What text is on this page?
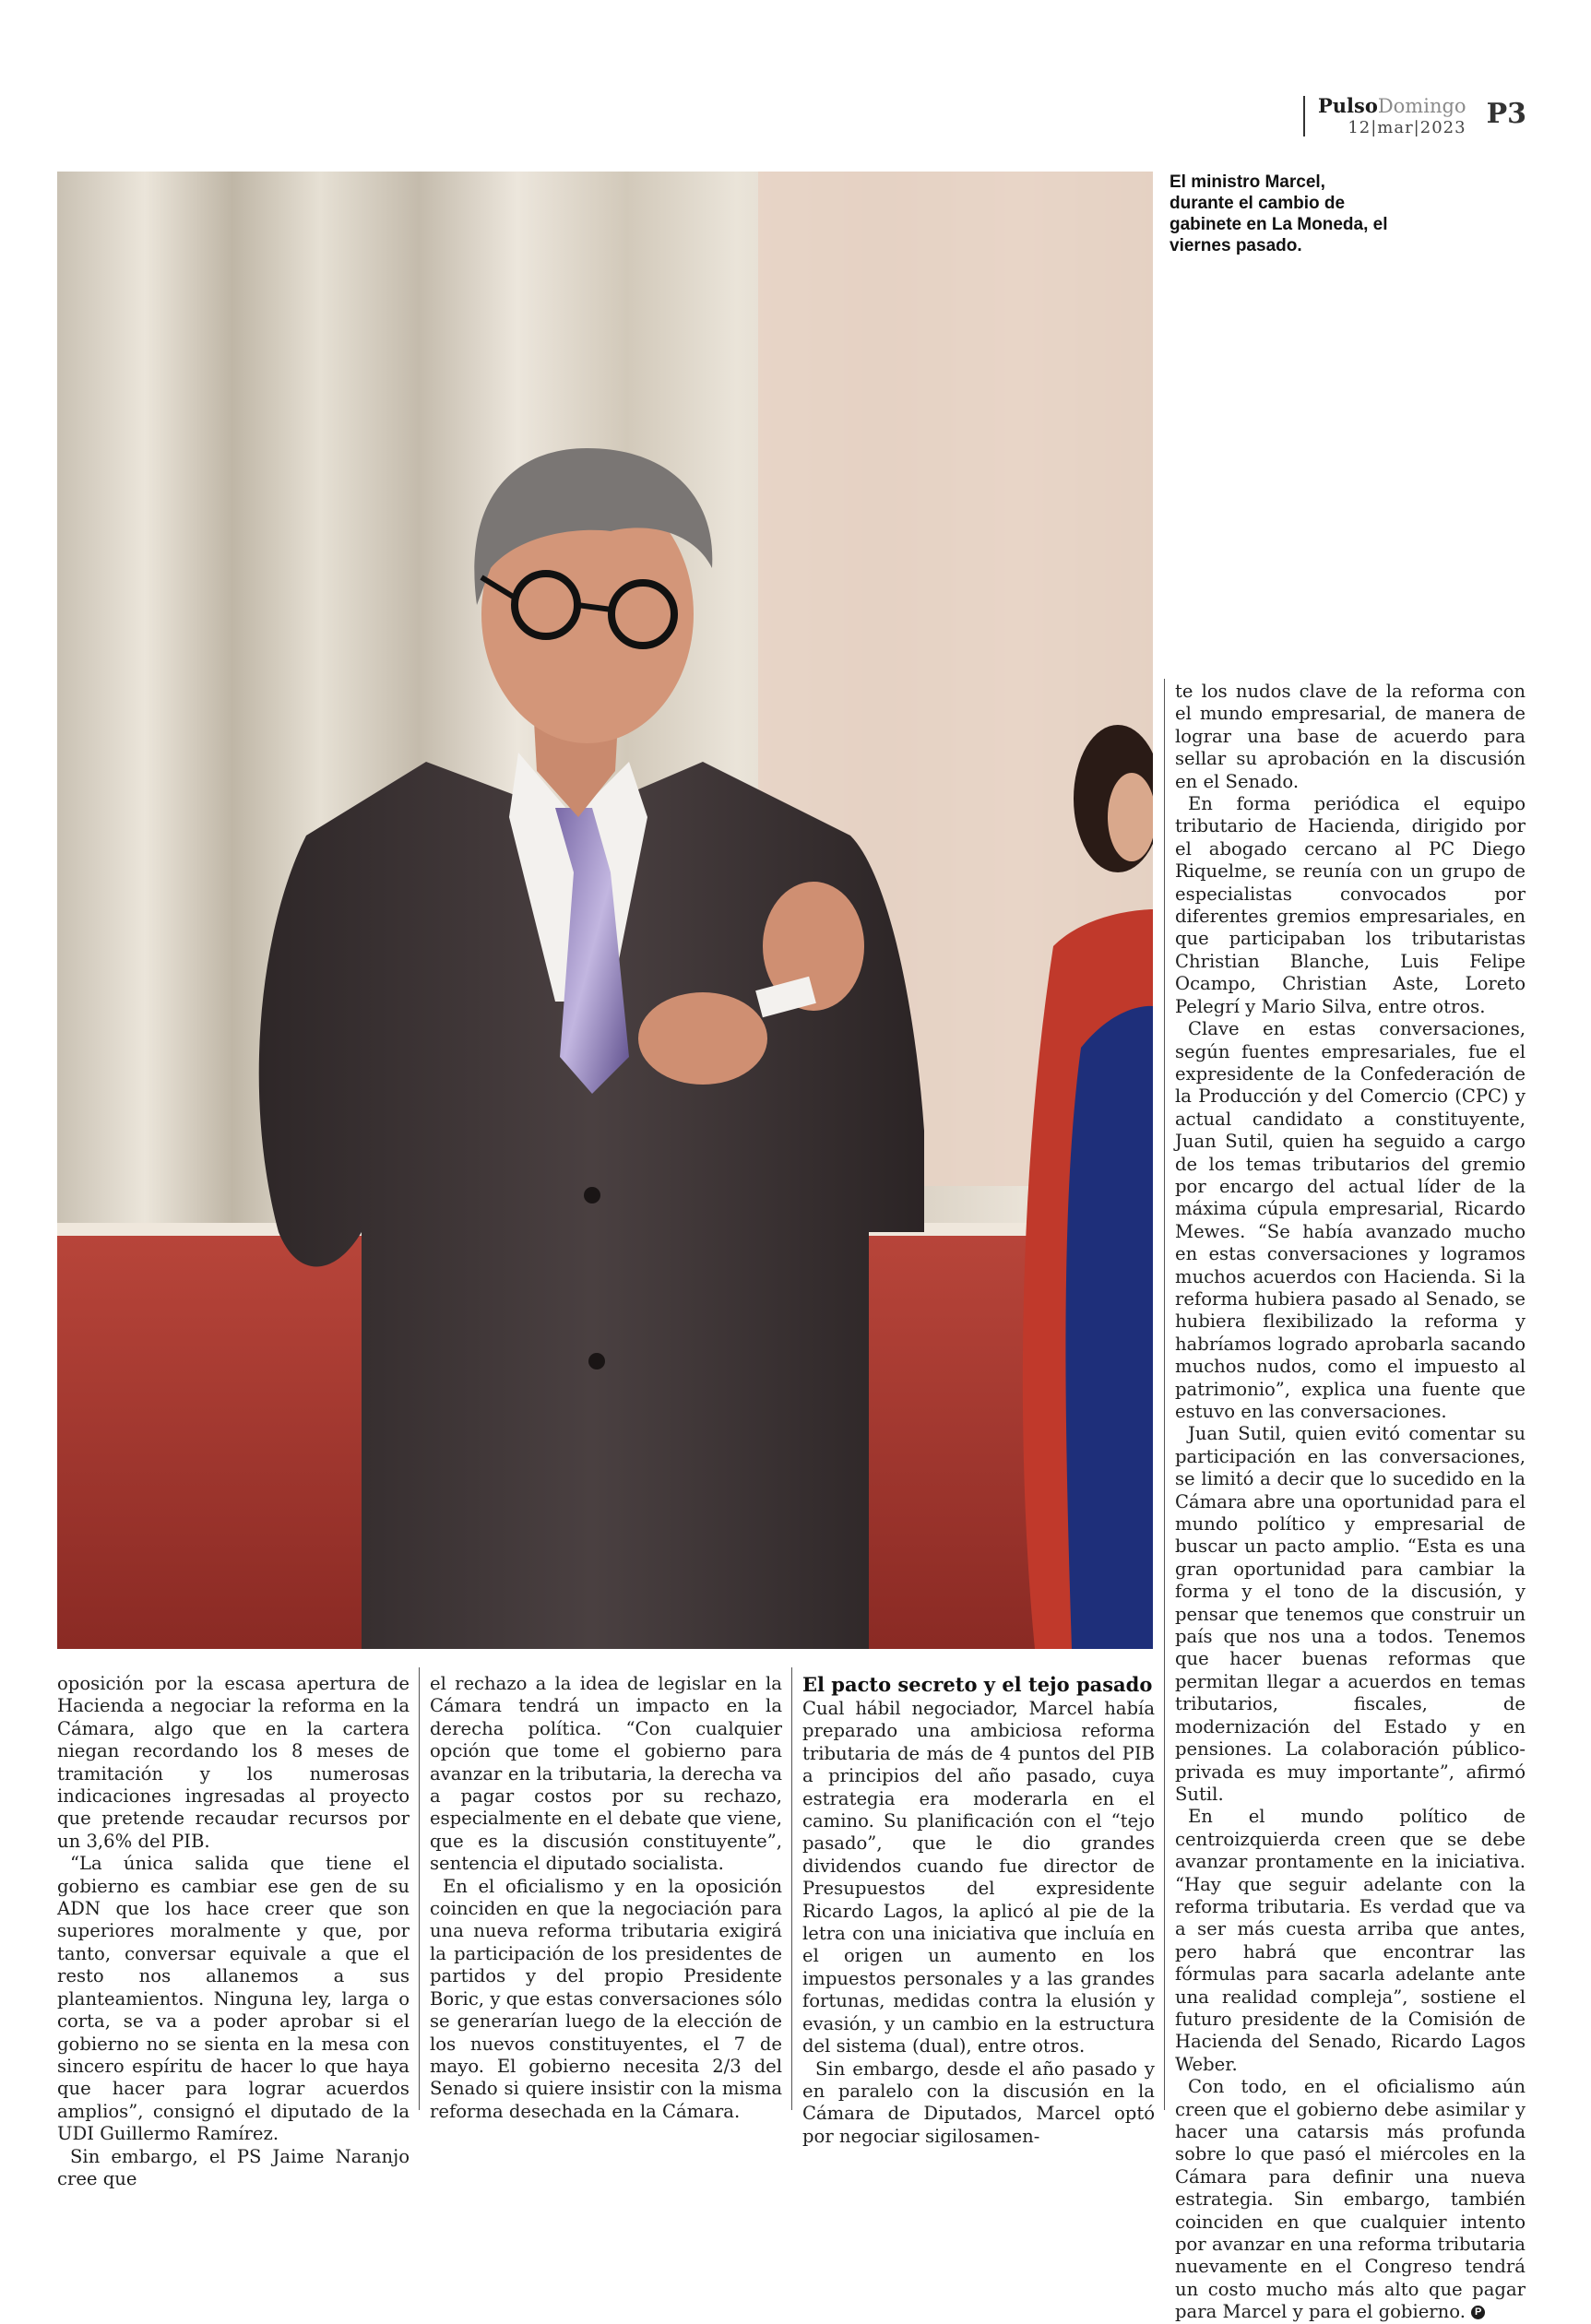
PulsoDomingo
12|mar|2023 P3
El ministro Marcel, durante el cambio de gabinete en La Moneda, el viernes pasado.

oposición por la escasa apertura de Hacienda a negociar la reforma en la Cámara, algo que en la cartera niegan recordando los 8 meses de tramitación y los numerosas indicaciones ingresadas al proyecto que pretende recaudar recursos por un 3,6% del PIB.

“La única salida que tiene el gobierno es cambiar ese gen de su ADN que los hace creer que son superiores moralmente y que, por tanto, conversar equivale a que el resto nos allanemos a sus planteamientos. Ninguna ley, larga o corta, se va a poder aprobar si el gobierno no se sienta en la mesa con sincero espíritu de hacer lo que haya que hacer para lograr acuerdos amplios”, consignó el diputado de la UDI Guillermo Ramírez.

Sin embargo, el PS Jaime Naranjo cree que

el rechazo a la idea de legislar en la Cámara tendrá un impacto en la derecha política. “Con cualquier opción que tome el gobierno para avanzar en la tributaria, la derecha va a pagar costos por su rechazo, especialmente en el debate que viene, que es la discusión constituyente”, sentencia el diputado socialista.

En el oficialismo y en la oposición coinciden en que la negociación para una nueva reforma tributaria exigirá la participación de los presidentes de partidos y del propio Presidente Boric, y que estas conversaciones sólo se generarían luego de la elección de los nuevos constituyentes, el 7 de mayo. El gobierno necesita 2/3 del Senado si quiere insistir con la misma reforma desechada en la Cámara.

El pacto secreto y el tejo pasado

Cual hábil negociador, Marcel había preparado una ambiciosa reforma tributaria de más de 4 puntos del PIB a principios del año pasado, cuya estrategia era moderarla en el camino. Su planificación con el “tejo pasado”, que le dio grandes dividendos cuando fue director de Presupuestos del expresidente Ricardo Lagos, la aplicó al pie de la letra con una iniciativa que incluía en el origen un aumento en los impuestos personales y a las grandes fortunas, medidas contra la elusión y evasión, y un cambio en la estructura del sistema (dual), entre otros.

Sin embargo, desde el año pasado y en paralelo con la discusión en la Cámara de Diputados, Marcel optó por negociar sigilosamen-

te los nudos clave de la reforma con el mundo empresarial, de manera de lograr una base de acuerdo para sellar su aprobación en la discusión en el Senado.

En forma periódica el equipo tributario de Hacienda, dirigido por el abogado cercano al PC Diego Riquelme, se reunía con un grupo de especialistas convocados por diferentes gremios empresariales, en que participaban los tributaristas Christian Blanche, Luis Felipe Ocampo, Christian Aste, Loreto Pelegrí y Mario Silva, entre otros.

Clave en estas conversaciones, según fuentes empresariales, fue el expresidente de la Confederación de la Producción y del Comercio (CPC) y actual candidato a constituyente, Juan Sutil, quien ha seguido a cargo de los temas tributarios del gremio por encargo del actual líder de la máxima cúpula empresarial, Ricardo Mewes. “Se había avanzado mucho en estas conversaciones y logramos muchos acuerdos con Hacienda. Si la reforma hubiera pasado al Senado, se hubiera flexibilizado la reforma y habríamos logrado aprobarla sacando muchos nudos, como el impuesto al patrimonio”, explica una fuente que estuvo en las conversaciones.

Juan Sutil, quien evitó comentar su participación en las conversaciones, se limitó a decir que lo sucedido en la Cámara abre una oportunidad para el mundo político y empresarial de buscar un pacto amplio. “Esta es una gran oportunidad para cambiar la forma y el tono de la discusión, y pensar que tenemos que construir un país que nos una a todos. Tenemos que hacer buenas reformas que permitan llegar a acuerdos en temas tributarios, fiscales, de modernización del Estado y en pensiones. La colaboración público-privada es muy importante”, afirmó Sutil.

En el mundo político de centroizquierda creen que se debe avanzar prontamente en la iniciativa. “Hay que seguir adelante con la reforma tributaria. Es verdad que va a ser más cuesta arriba que antes, pero habrá que encontrar las fórmulas para sacarla adelante ante una realidad compleja”, sostiene el futuro presidente de la Comisión de Hacienda del Senado, Ricardo Lagos Weber.

Con todo, en el oficialismo aún creen que el gobierno debe asimilar y hacer una catarsis más profunda sobre lo que pasó el miércoles en la Cámara para definir una nueva estrategia. Sin embargo, también coinciden en que cualquier intento por avanzar en una reforma tributaria nuevamente en el Congreso tendrá un costo mucho más alto que pagar para Marcel y para el gobierno. P
